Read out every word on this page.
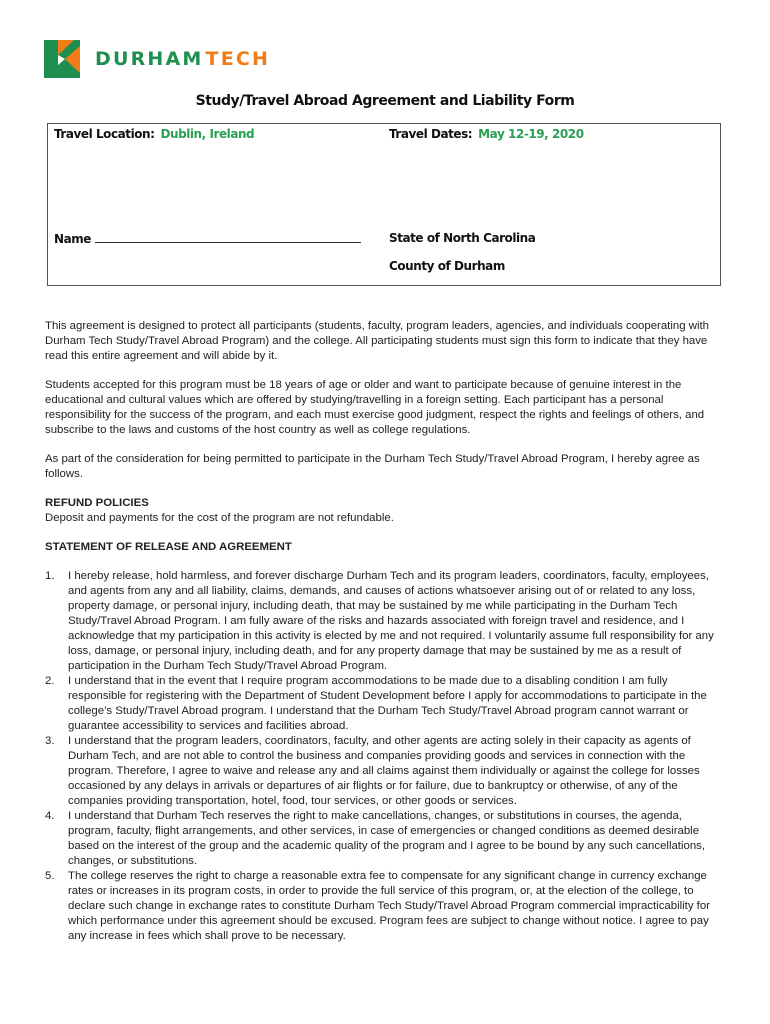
DURHAM TECH
Study/Travel Abroad Agreement and Liability Form
Travel Location: Dublin, Ireland	Travel Dates: May 12-19, 2020
Name	State of North Carolina
County of Durham

This agreement is designed to protect all participants (students, faculty, program leaders, agencies, and individuals cooperating with Durham Tech Study/Travel Abroad Program) and the college. All participating students must sign this form to indicate that they have read this entire agreement and will abide by it.

Students accepted for this program must be 18 years of age or older and want to participate because of genuine interest in the educational and cultural values which are offered by studying/travelling in a foreign setting. Each participant has a personal responsibility for the success of the program, and each must exercise good judgment, respect the rights and feelings of others, and subscribe to the laws and customs of the host country as well as college regulations.

As part of the consideration for being permitted to participate in the Durham Tech Study/Travel Abroad Program, I hereby agree as follows.

REFUND POLICIES
Deposit and payments for the cost of the program are not refundable.
STATEMENT OF RELEASE AND AGREEMENT
1. I hereby release, hold harmless, and forever discharge Durham Tech and its program leaders, coordinators, faculty, employees, and agents from any and all liability, claims, demands, and causes of actions whatsoever arising out of or related to any loss, property damage, or personal injury, including death, that may be sustained by me while participating in the Durham Tech Study/Travel Abroad Program. I am fully aware of the risks and hazards associated with foreign travel and residence, and I acknowledge that my participation in this activity is elected by me and not required. I voluntarily assume full responsibility for any loss, damage, or personal injury, including death, and for any property damage that may be sustained by me as a result of participation in the Durham Tech Study/Travel Abroad Program.
2. I understand that in the event that I require program accommodations to be made due to a disabling condition I am fully responsible for registering with the Department of Student Development before I apply for accommodations to participate in the college’s Study/Travel Abroad program. I understand that the Durham Tech Study/Travel Abroad program cannot warrant or guarantee accessibility to services and facilities abroad.
3. I understand that the program leaders, coordinators, faculty, and other agents are acting solely in their capacity as agents of Durham Tech, and are not able to control the business and companies providing goods and services in connection with the program. Therefore, I agree to waive and release any and all claims against them individually or against the college for losses occasioned by any delays in arrivals or departures of air flights or for failure, due to bankruptcy or otherwise, of any of the companies providing transportation, hotel, food, tour services, or other goods or services.
4. I understand that Durham Tech reserves the right to make cancellations, changes, or substitutions in courses, the agenda, program, faculty, flight arrangements, and other services, in case of emergencies or changed conditions as deemed desirable based on the interest of the group and the academic quality of the program and I agree to be bound by any such cancellations, changes, or substitutions.
5. The college reserves the right to charge a reasonable extra fee to compensate for any significant change in currency exchange rates or increases in its program costs, in order to provide the full service of this program, or, at the election of the college, to declare such change in exchange rates to constitute Durham Tech Study/Travel Abroad Program commercial impracticability for which performance under this agreement should be excused. Program fees are subject to change without notice. I agree to pay any increase in fees which shall prove to be necessary.
